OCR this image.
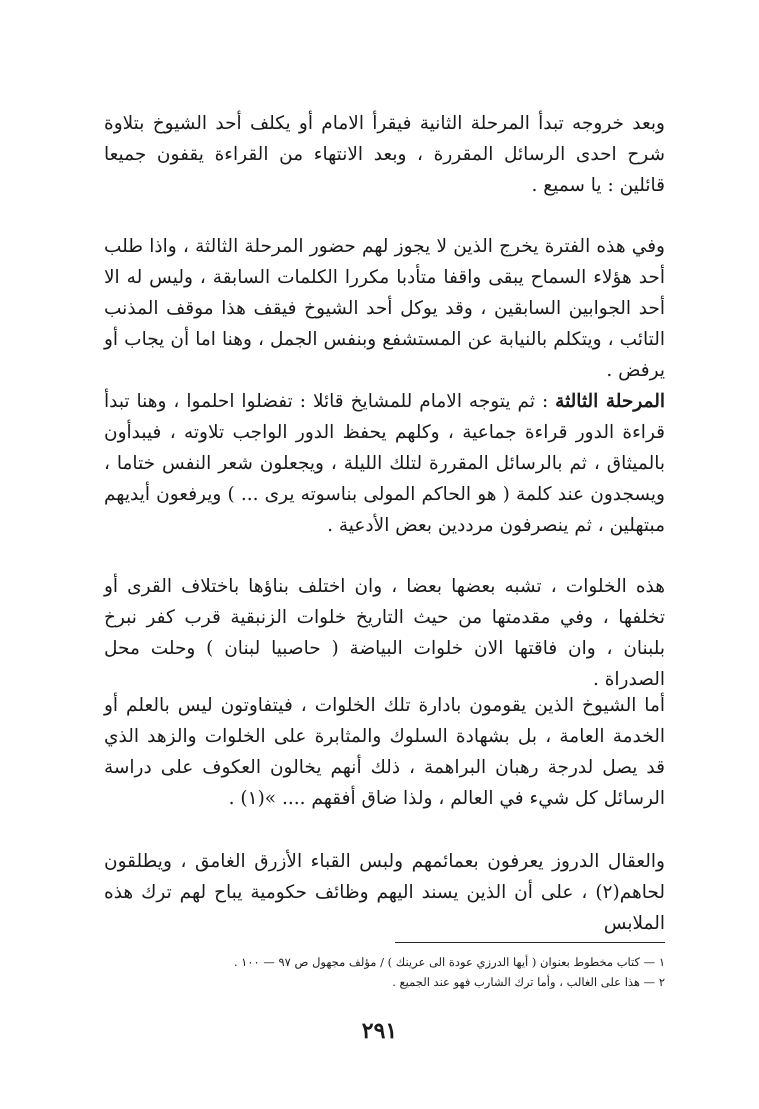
وبعد خروجه تبدأ المرحلة الثانية فيقرأ الامام أو يكلف أحد الشيوخ بتلاوة شرح احدى الرسائل المقررة ، وبعد الانتهاء من القراءة يقفون جميعا قائلين : يا سميع .

وفي هذه الفترة يخرج الذين لا يجوز لهم حضور المرحلة الثالثة ، واذا طلب أحد هؤلاء السماح يبقى واقفا متأدبا مكررا الكلمات السابقة ، وليس له الا أحد الجوابين السابقين ، وقد يوكل أحد الشيوخ فيقف هذا موقف المذنب التائب ، ويتكلم بالنيابة عن المستشفع وبنفس الجمل ، وهنا اما أن يجاب أو يرفض .

المرحلة الثالثة : ثم يتوجه الامام للمشايخ قائلا : تفضلوا احلموا ، وهنا تبدأ قراءة الدور قراءة جماعية ، وكلهم يحفظ الدور الواجب تلاوته ، فيبدأون بالميثاق ، ثم بالرسائل المقررة لتلك الليلة ، ويجعلون شعر النفس ختاما ، ويسجدون عند كلمة ( هو الحاكم المولى بناسوته يرى ... ) ويرفعون أيديهم مبتهلين ، ثم ينصرفون مرددين بعض الأدعية .

هذه الخلوات ، تشبه بعضها بعضا ، وان اختلف بناؤها باختلاف القرى أو تخلفها ، وفي مقدمتها من حيث التاريخ خلوات الزنبقية قرب كفر نبرخ بلبنان ، وان فاقتها الان خلوات البياضة ( حاصبيا لبنان ) وحلت محل الصدراة .

أما الشيوخ الذين يقومون بادارة تلك الخلوات ، فيتفاوتون ليس بالعلم أو الخدمة العامة ، بل بشهادة السلوك والمثابرة على الخلوات والزهد الذي قد يصل لدرجة رهبان البراهمة ، ذلك أنهم يخالون العكوف على دراسة الرسائل كل شيء في العالم ، ولذا ضاق أفقهم .... »(١) .

والعقال الدروز يعرفون بعمائمهم ولبس القباء الأزرق الغامق ، ويطلقون لحاهم(٢) ، على أن الذين يسند اليهم وظائف حكومية يباح لهم ترك هذه الملابس

١ — كتاب مخطوط بعنوان ( أيها الدرزي عودة الى عرينك ) / مؤلف مجهول ص ٩٧ — ١٠٠ .
٢ — هذا على الغالب ، وأما ترك الشارب فهو عند الجميع .
٢٩١
